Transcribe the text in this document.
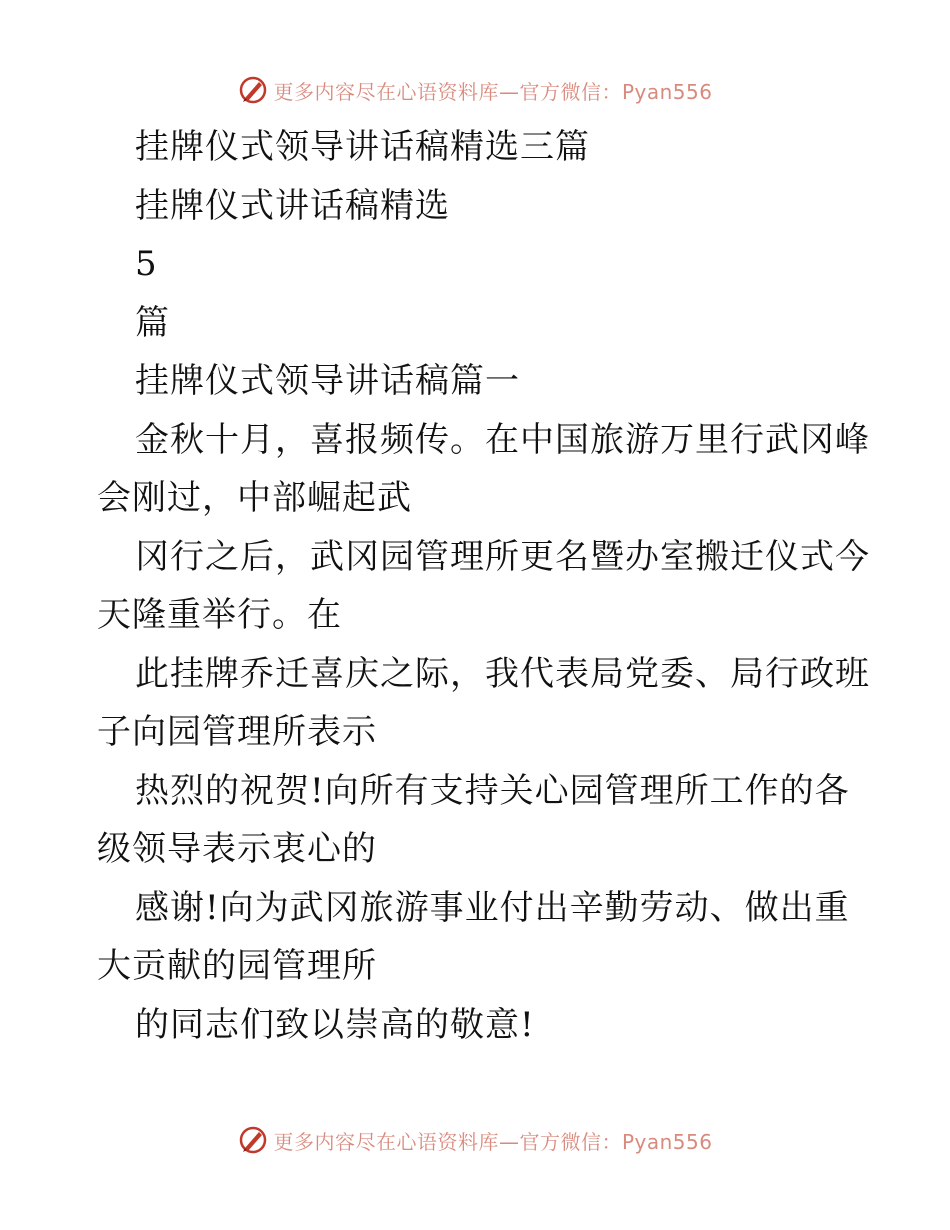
更多内容尽在心语资料库—官方微信：Pyan556
挂牌仪式领导讲话稿精选三篇
挂牌仪式讲话稿精选
5
篇
挂牌仪式领导讲话稿篇一
金秋十月，喜报频传。在中国旅游万里行武冈峰
会刚过，中部崛起武
冈行之后，武冈园管理所更名暨办室搬迁仪式今
天隆重举行。在
此挂牌乔迁喜庆之际，我代表局党委、局行政班
子向园管理所表示
热烈的祝贺!向所有支持关心园管理所工作的各
级领导表示衷心的
感谢!向为武冈旅游事业付出辛勤劳动、做出重
大贡献的园管理所
的同志们致以崇高的敬意!
更多内容尽在心语资料库—官方微信：Pyan556
